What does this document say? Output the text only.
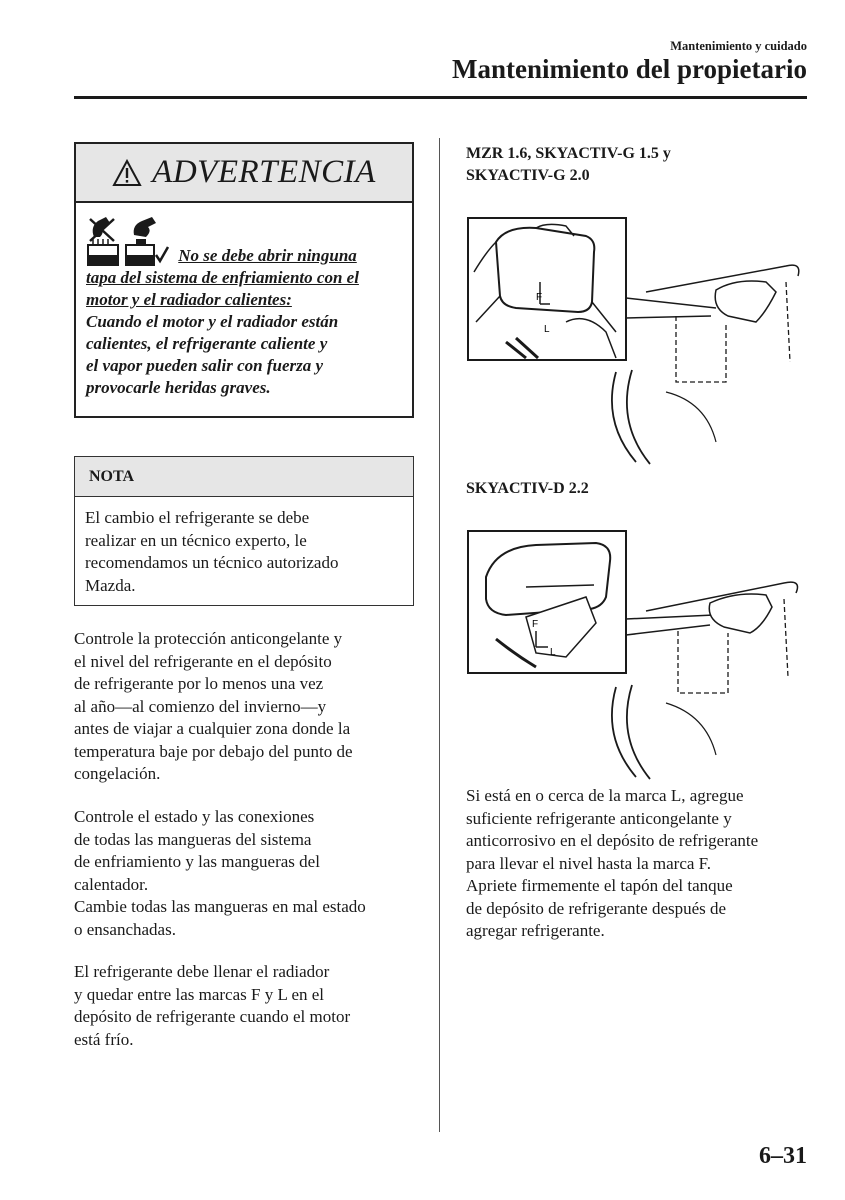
Mantenimiento y cuidado
Mantenimiento del propietario
ADVERTENCIA
No se debe abrir ninguna
tapa del sistema de enfriamiento con el
motor y el radiador calientes:
Cuando el motor y el radiador están
calientes, el refrigerante caliente y
el vapor pueden salir con fuerza y
provocarle heridas graves.
NOTA
El cambio el refrigerante se debe
realizar en un técnico experto, le
recomendamos un técnico autorizado
Mazda.
Controle la protección anticongelante y
el nivel del refrigerante en el depósito
de refrigerante por lo menos una vez
al año—al comienzo del invierno—y
antes de viajar a cualquier zona donde la
temperatura baje por debajo del punto de
congelación.
Controle el estado y las conexiones
de todas las mangueras del sistema
de enfriamiento y las mangueras del
calentador.
Cambie todas las mangueras en mal estado
o ensanchadas.
El refrigerante debe llenar el radiador
y quedar entre las marcas F y L en el
depósito de refrigerante cuando el motor
está frío.
MZR 1.6, SKYACTIV-G 1.5 y
SKYACTIV-G 2.0
F
L
SKYACTIV-D 2.2
F
L
Si está en o cerca de la marca L, agregue
suficiente refrigerante anticongelante y
anticorrosivo en el depósito de refrigerante
para llevar el nivel hasta la marca F.
Apriete firmemente el tapón del tanque
de depósito de refrigerante después de
agregar refrigerante.
6–31
